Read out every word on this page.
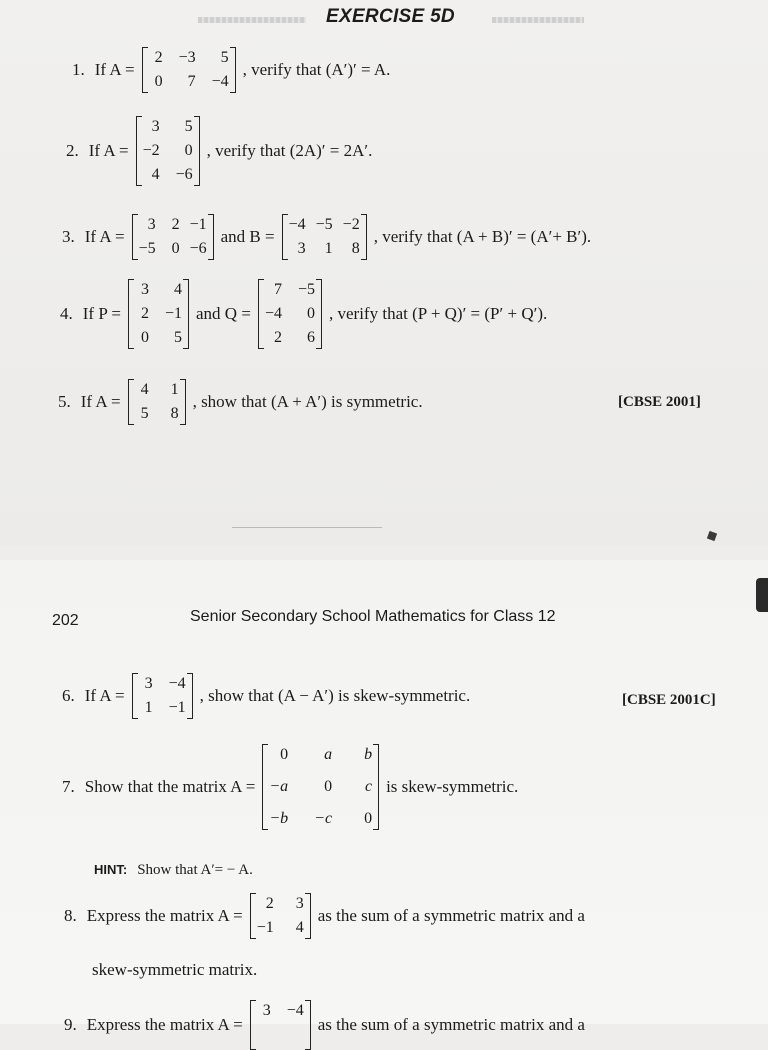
EXERCISE 5D
1. If A =
2 −3	5
0	7 −4
, verify that (A′)′ = A.
2. If A =
3	5
−2	0
4 −6
, verify that (2A)′ = 2A′.
3. If A =
3	2 −1
−5	0 −6
and B =
−4 −5 −2
3	1	8
, verify that (A + B)′ = (A′+ B′).
4. If P =
3	4
2 −1
0	5
and Q =
7 −5
−4	0
2	6
, verify that (P + Q)′ = (P′ + Q′).
5. If A =
4	1
5	8
, show that (A + A′) is symmetric.	[CBSE 2001]
202	Senior Secondary School Mathematics for Class 12
6. If A =
3 −4
1 −1
, show that (A − A′) is skew-symmetric.	[CBSE 2001C]
7. Show that the matrix A =
0	a	b
−a	0	c
−b −c	0
is skew-symmetric.
HINT: Show that A′= − A.
8. Express the matrix A =
2	3
−1	4
as the sum of a symmetric matrix and a
skew-symmetric matrix.
9. Express the matrix A =
3 −4
as the sum of a symmetric matrix and a
